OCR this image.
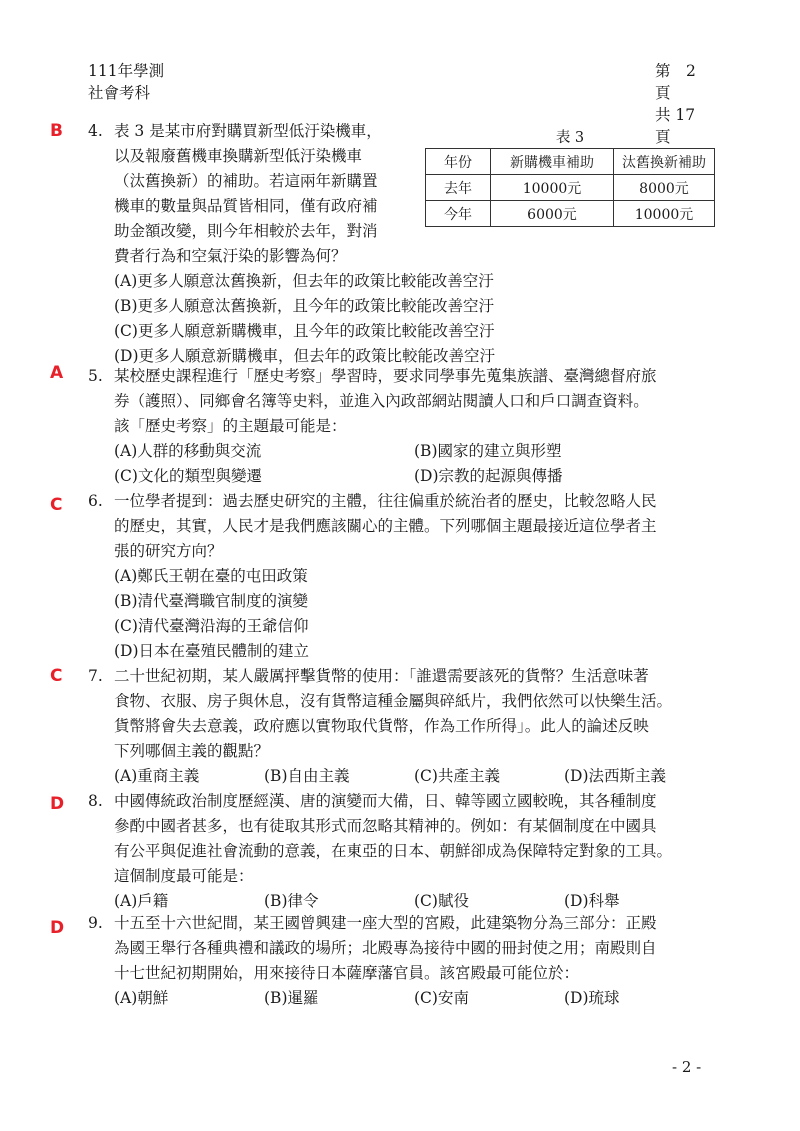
111年學測
社會考科
第　2 頁
共 17 頁
表 3
年份	新購機車補助	汰舊換新補助
去年	10000元	8000元
今年	6000元	10000元
B 4. 表 3 是某市府對購買新型低汙染機車，
以及報廢舊機車換購新型低汙染機車
（汰舊換新）的補助。若這兩年新購置
機車的數量與品質皆相同，僅有政府補
助金額改變，則今年相較於去年，對消
費者行為和空氣汙染的影響為何？
(A)更多人願意汰舊換新，但去年的政策比較能改善空汙
(B)更多人願意汰舊換新，且今年的政策比較能改善空汙
(C)更多人願意新購機車，且今年的政策比較能改善空汙
(D)更多人願意新購機車，但去年的政策比較能改善空汙
A 5. 某校歷史課程進行「歷史考察」學習時，要求同學事先蒐集族譜、臺灣總督府旅
券（護照）、同鄉會名簿等史料，並進入內政部網站閱讀人口和戶口調查資料。
該「歷史考察」的主題最可能是：
(A)人群的移動與交流	(B)國家的建立與形塑
(C)文化的類型與變遷	(D)宗教的起源與傳播
C 6. 一位學者提到：過去歷史研究的主體，往往偏重於統治者的歷史，比較忽略人民
的歷史，其實，人民才是我們應該關心的主體。下列哪個主題最接近這位學者主
張的研究方向？
(A)鄭氏王朝在臺的屯田政策
(B)清代臺灣職官制度的演變
(C)清代臺灣沿海的王爺信仰
(D)日本在臺殖民體制的建立
C 7. 二十世紀初期，某人嚴厲抨擊貨幣的使用：「誰還需要該死的貨幣？生活意味著
食物、衣服、房子與休息，沒有貨幣這種金屬與碎紙片，我們依然可以快樂生活。
貨幣將會失去意義，政府應以實物取代貨幣，作為工作所得」。此人的論述反映
下列哪個主義的觀點？
(A)重商主義	(B)自由主義	(C)共產主義	(D)法西斯主義
D 8. 中國傳統政治制度歷經漢、唐的演變而大備，日、韓等國立國較晚，其各種制度
參酌中國者甚多，也有徒取其形式而忽略其精神的。例如：有某個制度在中國具
有公平與促進社會流動的意義，在東亞的日本、朝鮮卻成為保障特定對象的工具。
這個制度最可能是：
(A)戶籍	(B)律令	(C)賦役	(D)科舉
D 9. 十五至十六世紀間，某王國曾興建一座大型的宮殿，此建築物分為三部分：正殿
為國王舉行各種典禮和議政的場所；北殿專為接待中國的冊封使之用；南殿則自
十七世紀初期開始，用來接待日本薩摩藩官員。該宮殿最可能位於：
(A)朝鮮	(B)暹羅	(C)安南	(D)琉球
- 2 -
